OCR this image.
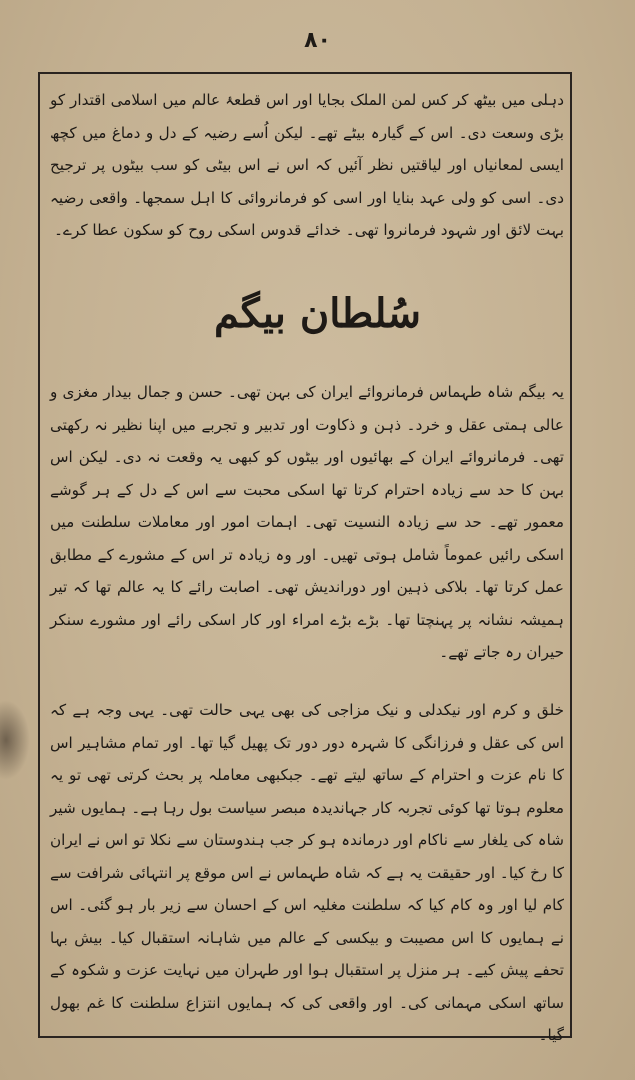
۸۰
دہلی میں بیٹھ کر کس لمن الملک بجایا اور اس قطعۂ عالم میں اسلامی اقتدار کو بڑی وسعت دی۔ اس کے گیارہ بیٹے تھے۔ لیکن اُسے رضیہ کے دل و دماغ میں کچھ ایسی لمعانیاں اور لیاقتیں نظر آئیں کہ اس نے اس بیٹی کو سب بیٹوں پر ترجیح دی۔ اسی کو ولی عہد بنایا اور اسی کو فرمانروائی کا اہل سمجھا۔ واقعی رضیہ بہت لائق اور شہود فرمانروا تھی۔ خدائے قدوس اسکی روح کو سکون عطا کرے۔
سُلطان بیگم
یہ بیگم شاہ طہماس فرمانروائے ایران کی بہن تھی۔ حسن و جمال بیدار مغزی و عالی ہمتی عقل و خرد۔ ذہن و ذکاوت اور تدبیر و تجربے میں اپنا نظیر نہ رکھتی تھی۔ فرمانروائے ایران کے بھائیوں اور بیٹوں کو کبھی یہ وقعت نہ دی۔ لیکن اس بہن کا حد سے زیادہ احترام کرتا تھا اسکی محبت سے اس کے دل کے ہر گوشے معمور تھے۔ حد سے زیادہ النسیت تھی۔ اہمات امور اور معاملات سلطنت میں اسکی رائیں عموماً شامل ہوتی تھیں۔ اور وہ زیادہ تر اس کے مشورے کے مطابق عمل کرتا تھا۔ بلاکی ذہین اور دوراندیش تھی۔ اصابت رائے کا یہ عالم تھا کہ تیر ہمیشہ نشانہ پر پہنچتا تھا۔ بڑے بڑے امراء اور کار اسکی رائے اور مشورے سنکر حیران رہ جاتے تھے۔
خلق و کرم اور نیکدلی و نیک مزاجی کی بھی یہی حالت تھی۔ یہی وجہ ہے کہ اس کی عقل و فرزانگی کا شہرہ دور دور تک پھیل گیا تھا۔ اور تمام مشاہیر اس کا نام عزت و احترام کے ساتھ لیتے تھے۔ جبکبھی معاملہ پر بحث کرتی تھی تو یہ معلوم ہوتا تھا کوئی تجربہ کار جہاندیدہ مبصر سیاست بول رہا ہے۔ ہمایوں شیر شاہ کی یلغار سے ناکام اور درماندہ ہو کر جب ہندوستان سے نکلا تو اس نے ایران کا رخ کیا۔ اور حقیقت یہ ہے کہ شاہ طہماس نے اس موقع پر انتہائی شرافت سے کام لیا اور وہ کام کیا کہ سلطنت مغلیہ اس کے احسان سے زیر بار ہو گئی۔ اس نے ہمایوں کا اس مصیبت و بیکسی کے عالم میں شاہانہ استقبال کیا۔ بیش بہا تحفے پیش کیے۔ ہر منزل پر استقبال ہوا اور طہران میں نہایت عزت و شکوہ کے ساتھ اسکی مہمانی کی۔ اور واقعی کی کہ ہمایوں انتزاع سلطنت کا غم بھول گیا۔
